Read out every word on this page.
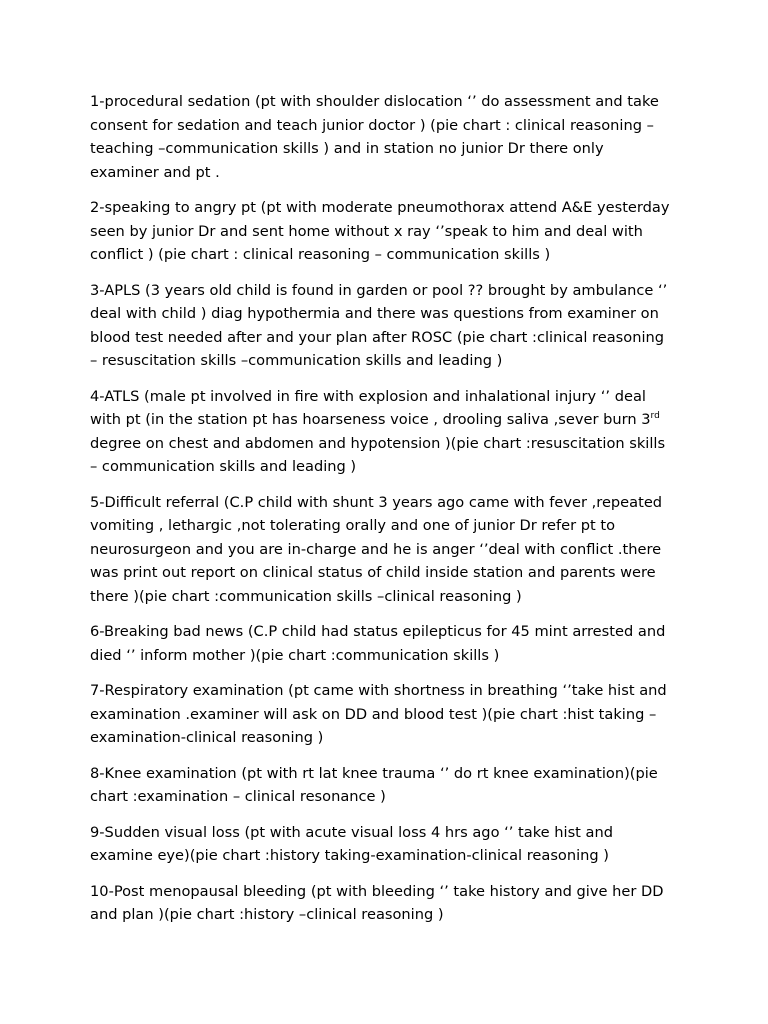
1-procedural sedation (pt with shoulder dislocation ‘’ do assessment and take consent for sedation and teach junior doctor ) (pie chart : clinical reasoning – teaching –communication skills ) and in station no junior Dr there only examiner and pt .

2-speaking to angry pt (pt with moderate pneumothorax attend A&E yesterday seen by junior Dr and sent home without x ray ‘’speak to him and deal with conflict ) (pie chart : clinical reasoning – communication skills )

3-APLS (3 years old child is found in garden or pool ?? brought by ambulance ‘’ deal with child ) diag hypothermia and there was questions from examiner on blood test needed after and your plan after ROSC (pie chart :clinical reasoning – resuscitation skills –communication skills and leading )

4-ATLS (male pt involved in fire with explosion and inhalational injury ‘’ deal with pt (in the station pt has hoarseness voice , drooling saliva ,sever burn 3rd degree on chest and abdomen and hypotension )(pie chart :resuscitation skills – communication skills and leading )

5-Difficult referral (C.P child with shunt 3 years ago came with fever ,repeated vomiting , lethargic ,not tolerating orally and one of junior Dr refer pt to neurosurgeon and you are in-charge and he is anger ‘’deal with conflict .there was print out report on clinical status of child inside station and parents were there )(pie chart :communication skills –clinical reasoning )

6-Breaking bad news (C.P child had status epilepticus for 45 mint arrested and died ‘’ inform mother )(pie chart :communication skills )

7-Respiratory examination (pt came with shortness in breathing ‘’take hist and examination .examiner will ask on DD and blood test )(pie chart :hist taking – examination-clinical reasoning )

8-Knee examination (pt with rt lat knee trauma ‘’ do rt knee examination)(pie chart :examination – clinical resonance )

9-Sudden visual loss (pt with acute visual loss 4 hrs ago ‘’ take hist and examine eye)(pie chart :history taking-examination-clinical reasoning )

10-Post menopausal bleeding (pt with bleeding ‘’ take history and give her DD and plan )(pie chart :history –clinical reasoning )
